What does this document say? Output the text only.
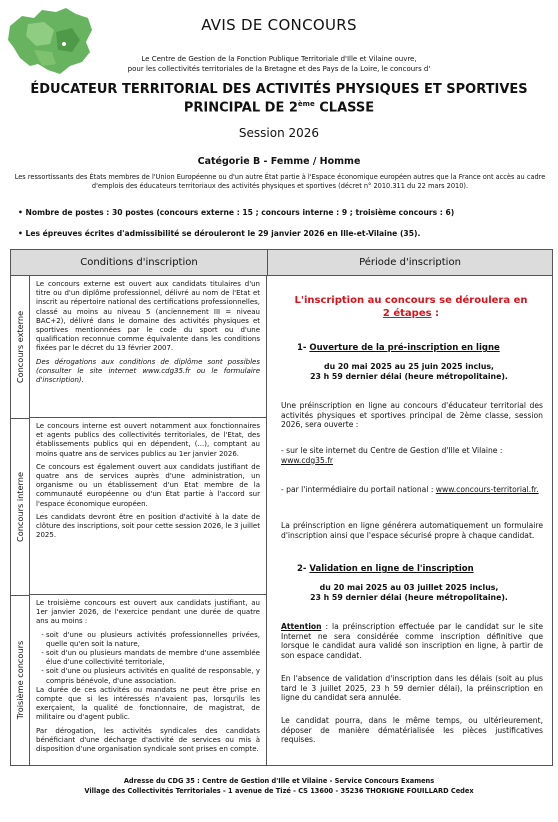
AVIS DE CONCOURS
Le Centre de Gestion de la Fonction Publique Territoriale d'Ille et Vilaine ouvre,
pour les collectivités territoriales de la Bretagne et des Pays de la Loire, le concours d'
ÉDUCATEUR TERRITORIAL DES ACTIVITÉS PHYSIQUES ET SPORTIVES
PRINCIPAL DE 2ème CLASSE
Session 2026
Catégorie B - Femme / Homme
Les ressortissants des États membres de l'Union Européenne ou d'un autre État partie à l'Espace économique européen autres que la France ont accès au cadre d'emplois des éducateurs territoriaux des activités physiques et sportives (décret n° 2010.311 du 22 mars 2010).
• Nombre de postes : 30 postes (concours externe : 15 ; concours interne : 9 ; troisième concours : 6)
• Les épreuves écrites d'admissibilité se dérouleront le 29 janvier 2026 en Ille-et-Vilaine (35).
Conditions d'inscription	Période d'inscription
Concours externe

Le concours externe est ouvert aux candidats titulaires d'un titre ou d'un diplôme professionnel, délivré au nom de l'Etat et inscrit au répertoire national des certifications professionnelles, classé au moins au niveau 5 (anciennement III = niveau BAC+2), délivré dans le domaine des activités physiques et sportives mentionnées par le code du sport ou d'une qualification reconnue comme équivalente dans les conditions fixées par le décret du 13 février 2007.

Des dérogations aux conditions de diplôme sont possibles (consulter le site internet www.cdg35.fr ou le formulaire d'inscription).

Concours interne

Le concours interne est ouvert notamment aux fonctionnaires et agents publics des collectivités territoriales, de l'Etat, des établissements publics qui en dépendent, (...), comptant au moins quatre ans de services publics au 1er janvier 2026.

Ce concours est également ouvert aux candidats justifiant de quatre ans de services auprès d'une administration, un organisme ou un établissement d'un Etat membre de la communauté européenne ou d'un État partie à l'accord sur l'espace économique européen.

Les candidats devront être en position d'activité à la date de clôture des inscriptions, soit pour cette session 2026, le 3 juillet 2025.

Troisième concours

Le troisième concours est ouvert aux candidats justifiant, au 1er janvier 2026, de l'exercice pendant une durée de quatre ans au moins :

- soit d'une ou plusieurs activités professionnelles privées, quelle qu'en soit la nature,
- soit d'un ou plusieurs mandats de membre d'une assemblée élue d'une collectivité territoriale,
- soit d'une ou plusieurs activités en qualité de responsable, y compris bénévole, d'une association.

La durée de ces activités ou mandats ne peut être prise en compte que si les intéressés n'avaient pas, lorsqu'ils les exerçaient, la qualité de fonctionnaire, de magistrat, de militaire ou d'agent public.

Par dérogation, les activités syndicales des candidats bénéficiant d'une décharge d'activité de services ou mis à disposition d'une organisation syndicale sont prises en compte.

L'inscription au concours se déroulera en
2 étapes :
1- Ouverture de la pré-inscription en ligne
du 20 mai 2025 au 25 juin 2025 inclus,
23 h 59 dernier délai (heure métropolitaine).

Une préinscription en ligne au concours d'éducateur territorial des activités physiques et sportives principal de 2ème classe, session 2026, sera ouverte :

- sur le site internet du Centre de Gestion d'Ille et Vilaine :
www.cdg35.fr

- par l'intermédiaire du portail national : www.concours-territorial.fr.

La préinscription en ligne générera automatiquement un formulaire d'inscription ainsi que l'espace sécurisé propre à chaque candidat.

2- Validation en ligne de l'inscription
du 20 mai 2025 au 03 juillet 2025 inclus,
23 h 59 dernier délai (heure métropolitaine).

Attention : la préinscription effectuée par le candidat sur le site Internet ne sera considérée comme inscription définitive que lorsque le candidat aura validé son inscription en ligne, à partir de son espace candidat.

En l'absence de validation d'inscription dans les délais (soit au plus tard le 3 juillet 2025, 23 h 59 dernier délai), la préinscription en ligne du candidat sera annulée.

Le candidat pourra, dans le même temps, ou ultérieurement, déposer de manière dématérialisée les pièces justificatives requises.

Adresse du CDG 35 : Centre de Gestion d'Ille et Vilaine - Service Concours Examens
Village des Collectivités Territoriales - 1 avenue de Tizé - CS 13600 - 35236 THORIGNE FOUILLARD Cedex
